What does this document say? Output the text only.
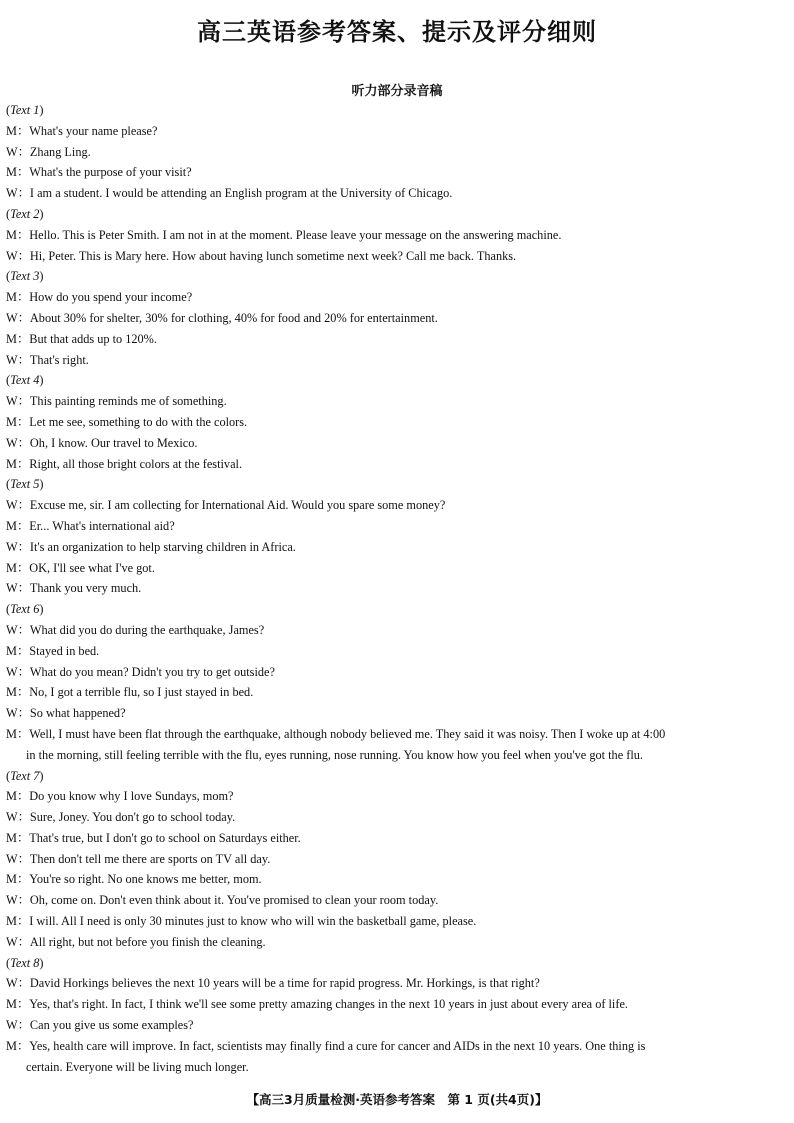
高三英语参考答案、提示及评分细则
听力部分录音稿
(Text 1)
M：What's your name please?
W：Zhang Ling.
M：What's the purpose of your visit?
W：I am a student. I would be attending an English program at the University of Chicago.
(Text 2)
M：Hello. This is Peter Smith. I am not in at the moment. Please leave your message on the answering machine.
W：Hi, Peter. This is Mary here. How about having lunch sometime next week? Call me back. Thanks.
(Text 3)
M：How do you spend your income?
W：About 30% for shelter, 30% for clothing, 40% for food and 20% for entertainment.
M：But that adds up to 120%.
W：That's right.
(Text 4)
W：This painting reminds me of something.
M：Let me see, something to do with the colors.
W：Oh, I know. Our travel to Mexico.
M：Right, all those bright colors at the festival.
(Text 5)
W：Excuse me, sir. I am collecting for International Aid. Would you spare some money?
M：Er... What's international aid?
W：It's an organization to help starving children in Africa.
M：OK, I'll see what I've got.
W：Thank you very much.
(Text 6)
W：What did you do during the earthquake, James?
M：Stayed in bed.
W：What do you mean? Didn't you try to get outside?
M：No, I got a terrible flu, so I just stayed in bed.
W：So what happened?
M：Well, I must have been flat through the earthquake, although nobody believed me. They said it was noisy. Then I woke up at 4:00
in the morning, still feeling terrible with the flu, eyes running, nose running. You know how you feel when you've got the flu.
(Text 7)
M：Do you know why I love Sundays, mom?
W：Sure, Joney. You don't go to school today.
M：That's true, but I don't go to school on Saturdays either.
W：Then don't tell me there are sports on TV all day.
M：You're so right. No one knows me better, mom.
W：Oh, come on. Don't even think about it. You've promised to clean your room today.
M：I will. All I need is only 30 minutes just to know who will win the basketball game, please.
W：All right, but not before you finish the cleaning.
(Text 8)
W：David Horkings believes the next 10 years will be a time for rapid progress. Mr. Horkings, is that right?
M：Yes, that's right. In fact, I think we'll see some pretty amazing changes in the next 10 years in just about every area of life.
W：Can you give us some examples?
M：Yes, health care will improve. In fact, scientists may finally find a cure for cancer and AIDs in the next 10 years. One thing is
certain. Everyone will be living much longer.
【高三3月质量检测·英语参考答案　第 1 页(共4页)】
